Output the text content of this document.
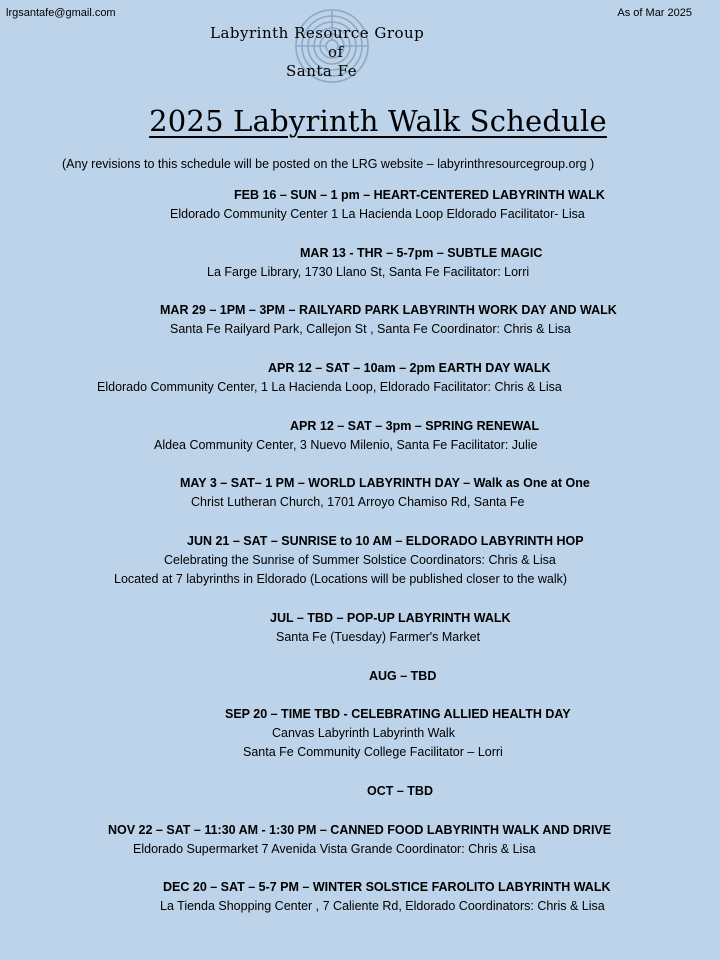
lrgsantafe@gmail.com	As of Mar 2025
Labyrinth Resource Group
of
Santa Fe
2025 Labyrinth Walk Schedule
(Any revisions to this schedule will be posted on the LRG website – labyrinthresourcegroup.org )
FEB 16 – SUN – 1 pm – HEART-CENTERED LABYRINTH WALK
Eldorado Community Center 1 La Hacienda Loop Eldorado Facilitator- Lisa
MAR 13 - THR – 5-7pm – SUBTLE MAGIC
La Farge Library, 1730 Llano St, Santa Fe Facilitator: Lorri
MAR 29 – 1PM – 3PM – RAILYARD PARK LABYRINTH WORK DAY AND WALK
Santa Fe Railyard Park, Callejon St , Santa Fe Coordinator: Chris & Lisa
APR 12 – SAT – 10am – 2pm EARTH DAY WALK
Eldorado Community Center, 1 La Hacienda Loop, Eldorado Facilitator: Chris & Lisa
APR 12 – SAT – 3pm – SPRING RENEWAL
Aldea Community Center, 3 Nuevo Milenio, Santa Fe Facilitator: Julie
MAY 3 – SAT– 1 PM – WORLD LABYRINTH DAY – Walk as One at One
Christ Lutheran Church, 1701 Arroyo Chamiso Rd, Santa Fe
JUN 21 – SAT – SUNRISE to 10 AM – ELDORADO LABYRINTH HOP
Celebrating the Sunrise of Summer Solstice Coordinators: Chris & Lisa
Located at 7 labyrinths in Eldorado (Locations will be published closer to the walk)
JUL – TBD – POP-UP LABYRINTH WALK
Santa Fe (Tuesday) Farmer's Market
AUG – TBD
SEP 20 – TIME TBD - CELEBRATING ALLIED HEALTH DAY
Canvas Labyrinth Labyrinth Walk
Santa Fe Community College Facilitator – Lorri
OCT – TBD
NOV 22 – SAT – 11:30 AM - 1:30 PM – CANNED FOOD LABYRINTH WALK AND DRIVE
Eldorado Supermarket 7 Avenida Vista Grande Coordinator: Chris & Lisa
DEC 20 – SAT – 5-7 PM – WINTER SOLSTICE FAROLITO LABYRINTH WALK
La Tienda Shopping Center , 7 Caliente Rd, Eldorado Coordinators: Chris & Lisa
